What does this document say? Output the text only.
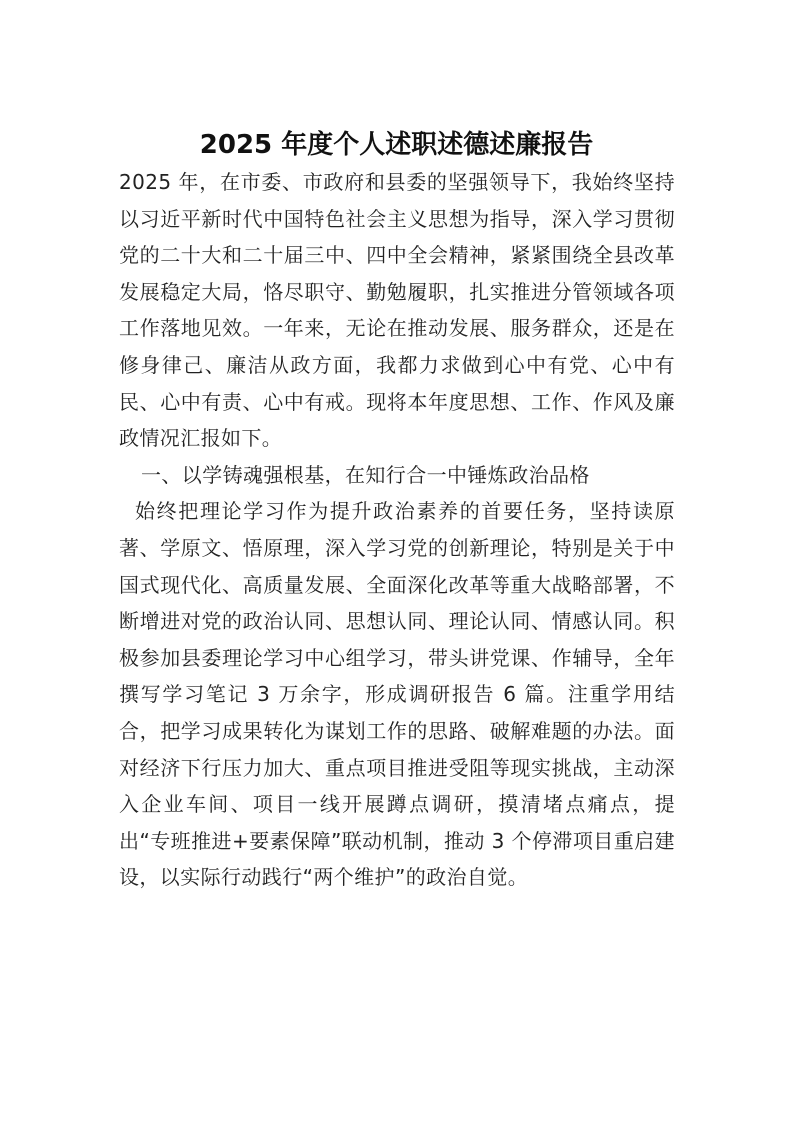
2025 年度个人述职述德述廉报告

2025 年，在市委、市政府和县委的坚强领导下，我始终坚持以习近平新时代中国特色社会主义思想为指导，深入学习贯彻党的二十大和二十届三中、四中全会精神，紧紧围绕全县改革发展稳定大局，恪尽职守、勤勉履职，扎实推进分管领域各项工作落地见效。一年来，无论在推动发展、服务群众，还是在修身律己、廉洁从政方面，我都力求做到心中有党、心中有民、心中有责、心中有戒。现将本年度思想、工作、作风及廉政情况汇报如下。

一、以学铸魂强根基，在知行合一中锤炼政治品格

始终把理论学习作为提升政治素养的首要任务，坚持读原著、学原文、悟原理，深入学习党的创新理论，特别是关于中国式现代化、高质量发展、全面深化改革等重大战略部署，不断增进对党的政治认同、思想认同、理论认同、情感认同。积极参加县委理论学习中心组学习，带头讲党课、作辅导，全年撰写学习笔记 3 万余字，形成调研报告 6 篇。注重学用结合，把学习成果转化为谋划工作的思路、破解难题的办法。面对经济下行压力加大、重点项目推进受阻等现实挑战，主动深入企业车间、项目一线开展蹲点调研，摸清堵点痛点，提出“专班推进+要素保障”联动机制，推动 3 个停滞项目重启建设，以实际行动践行“两个维护”的政治自觉。
